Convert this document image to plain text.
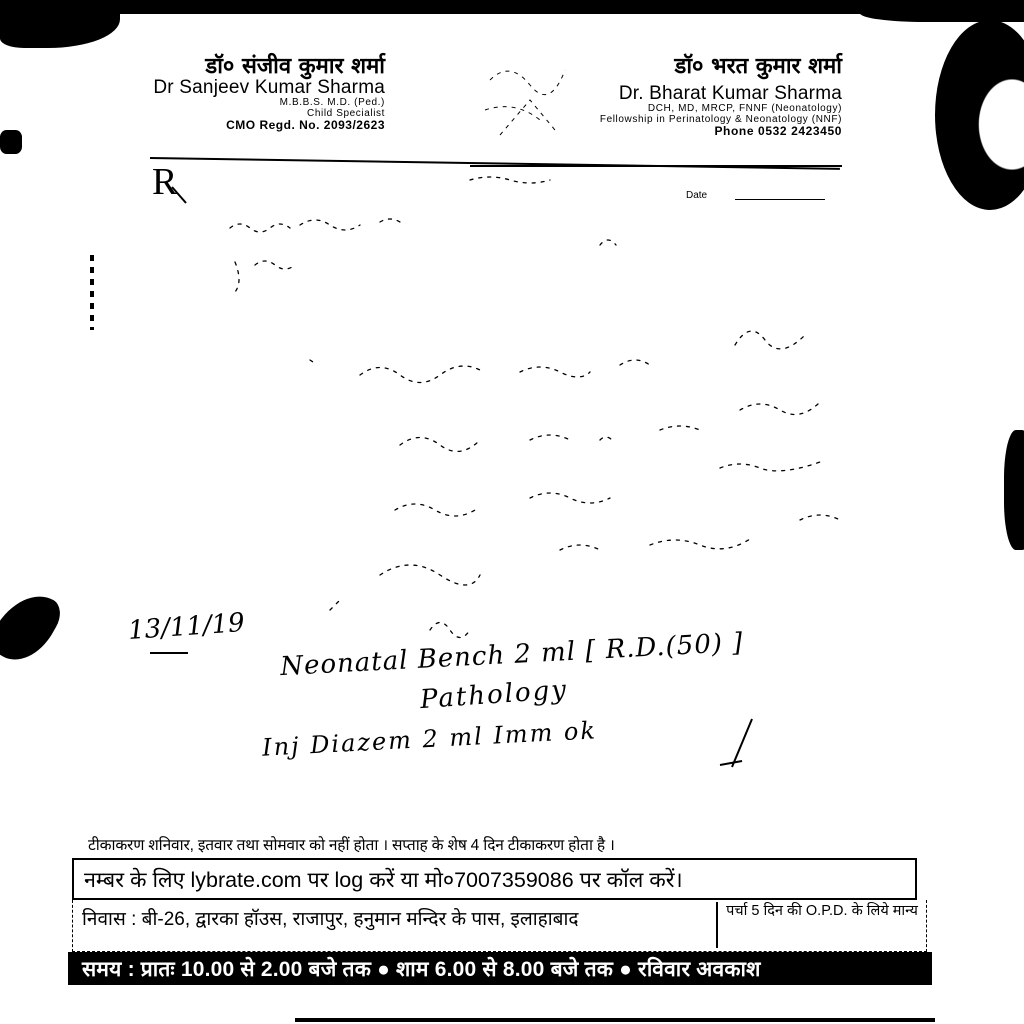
डॉ० संजीव कुमार शर्मा
Dr Sanjeev Kumar Sharma
M.B.B.S. M.D. (Ped.)
Child Specialist
CMO Regd. No. 2093/2623
डॉ० भरत कुमार शर्मा
Dr. Bharat Kumar Sharma
DCH, MD, MRCP, FNNF (Neonatology)
Fellowship in Perinatology & Neonatology (NNF)
Phone 0532 2423450
R	Date
13/11/19
Neonatal Bench 2 ml [ R.D.(50) ]
Pathology
Inj Diazem 2 ml Imm ok
टीकाकरण शनिवार, इतवार तथा सोमवार को नहीं होता । सप्ताह के शेष 4 दिन टीकाकरण होता है ।
नम्बर के लिए lybrate.com पर log करें या मो०7007359086 पर कॉल करें।
निवास : बी-26, द्वारका हॉउस, राजापुर, हनुमान मन्दिर के पास, इलाहाबाद	पर्चा 5 दिन की O.P.D. के लिये मान्य
समय : प्रातः 10.00 से 2.00 बजे तक ● शाम 6.00 से 8.00 बजे तक ● रविवार अवकाश
